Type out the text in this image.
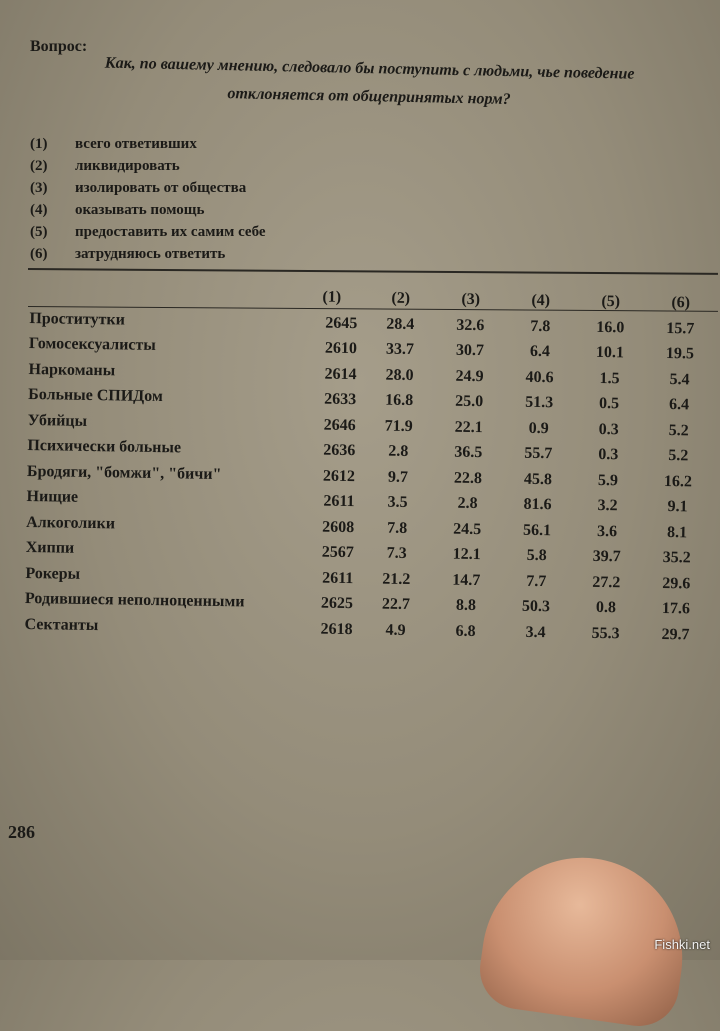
Вопрос:
Как, по вашему мнению, следовало бы поступить с людьми, чье поведение
отклоняется от общепринятых норм?
(1)	всего ответивших
(2)	ликвидировать
(3)	изолировать от общества
(4)	оказывать помощь
(5)	предоставить их самим себе
(6)	затрудняюсь ответить
	(1)	(2)	(3)	(4)	(5)	(6)
Проститутки	2645	28.4	32.6	7.8	16.0	15.7
Гомосексуалисты	2610	33.7	30.7	6.4	10.1	19.5
Наркоманы	2614	28.0	24.9	40.6	1.5	5.4
Больные СПИДом	2633	16.8	25.0	51.3	0.5	6.4
Убийцы	2646	71.9	22.1	0.9	0.3	5.2
Психически больные	2636	2.8	36.5	55.7	0.3	5.2
Бродяги, "бомжи", "бичи"	2612	9.7	22.8	45.8	5.9	16.2
Нищие	2611	3.5	2.8	81.6	3.2	9.1
Алкоголики	2608	7.8	24.5	56.1	3.6	8.1
Хиппи	2567	7.3	12.1	5.8	39.7	35.2
Рокеры	2611	21.2	14.7	7.7	27.2	29.6
Родившиеся неполноценными	2625	22.7	8.8	50.3	0.8	17.6
Сектанты	2618	4.9	6.8	3.4	55.3	29.7
286
Fishki.net
